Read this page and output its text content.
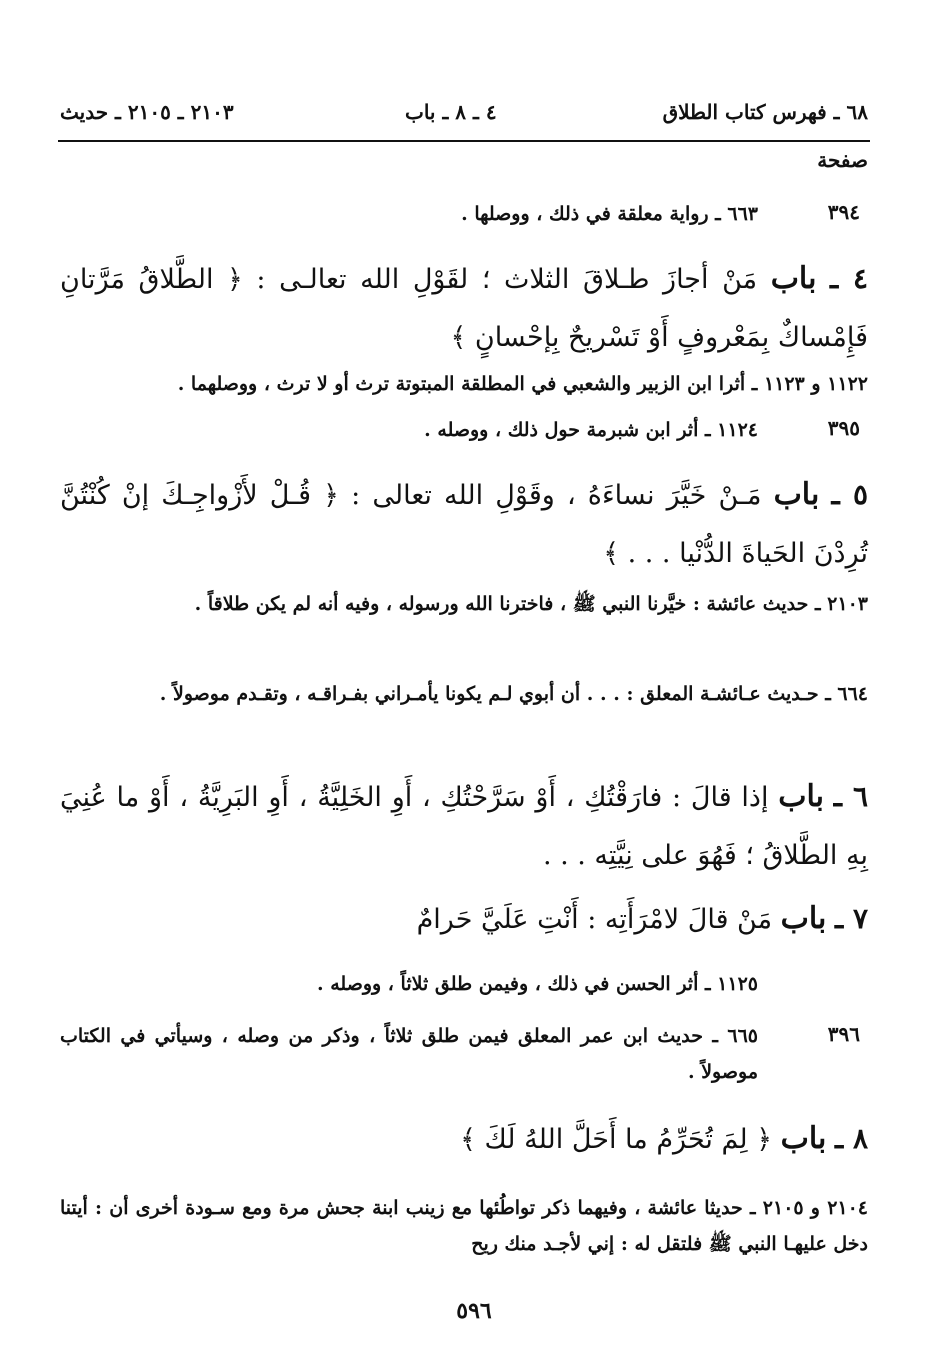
٦٨ ـ فهرس كتاب الطلاق
٤ ـ ٨ ـ باب
٢١٠٣ ـ ٢١٠٥ ـ حديث
صفحة
٣٩٤
٦٦٣ ـ رواية معلقة في ذلك ، ووصلها .
٤ ـ باب مَنْ أجازَ طـلاقَ الثلاث ؛ لقَوْلِ الله تعالـى : ﴿ الطَّلاقُ مَرَّتانِ فَإِمْساكٌ بِمَعْروفٍ أَوْ تَسْريحٌ بِإحْسانٍ ﴾
١١٢٢ و ١١٢٣ ـ أثرا ابن الزبير والشعبي في المطلقة المبتوتة ترث أو لا ترث ، ووصلهما .
٣٩٥
١١٢٤ ـ أثر ابن شبرمة حول ذلك ، ووصله .
٥ ـ باب مَـنْ خَيَّرَ نساءَهُ ، وقَوْلِ الله تعالى : ﴿ قُـلْ لأَزْواجِـكَ إنْ كُنْتُنَّ تُرِدْنَ الحَياةَ الدُّنْيا . . . ﴾
٢١٠٣ ـ حديث عائشة : خيَّرنا النبي ﷺ ، فاخترنا الله ورسوله ، وفيه أنه لم يكن طلاقاً .
٦٦٤ ـ حـديث عـائشـة المعلق : . . . أن أبوي لـم يكونا يأمـراني بفـراقـه ، وتقـدم موصولاً .
٦ ـ باب إذا قالَ : فارَقْتُكِ ، أَوْ سَرَّحْتُكِ ، أَوِ الخَلِيَّةُ ، أَوِ البَرِيَّةُ ، أَوْ ما عُنِيَ بِهِ الطَّلاقُ ؛ فَهُوَ على نِيَّتِه . . .
٧ ـ باب مَنْ قالَ لامْرَأَتِه : أَنْتِ عَلَيَّ حَرامٌ
١١٢٥ ـ أثر الحسن في ذلك ، وفيمن طلق ثلاثاً ، ووصله .
٣٩٦
٦٦٥ ـ حديث ابن عمر المعلق فيمن طلق ثلاثاً ، وذكر من وصله ، وسيأتي في الكتاب موصولاً .
٨ ـ باب ﴿ لِمَ تُحَرِّمُ ما أَحَلَّ اللهُ لَكَ ﴾
٢١٠٤ و ٢١٠٥ ـ حديثا عائشة ، وفيهما ذكر تواطُئها مع زينب ابنة جحش مرة ومع سـودة أخرى أن : أيتنا دخل عليهـا النبي ﷺ فلتقل له : إني لأجـد منك ريح
٥٩٦
